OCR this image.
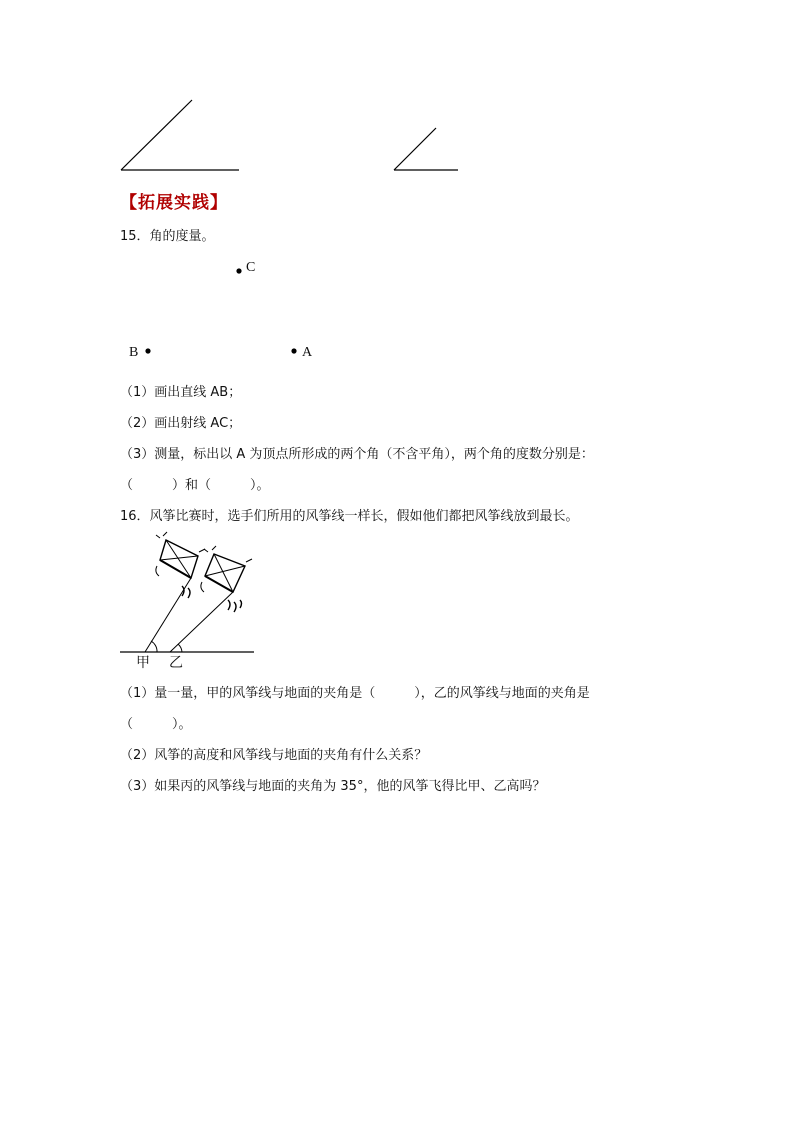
【拓展实践】
15．角的度量。
C
B	A
（1）画出直线 AB；
（2）画出射线 AC；
（3）测量，标出以 A 为顶点所形成的两个角（不含平角），两个角的度数分别是：
（　　　）和（　　　）。
16．风筝比赛时，选手们所用的风筝线一样长，假如他们都把风筝线放到最长。
甲 乙
（1）量一量，甲的风筝线与地面的夹角是（　　　），乙的风筝线与地面的夹角是
（　　　）。
（2）风筝的高度和风筝线与地面的夹角有什么关系？
（3）如果丙的风筝线与地面的夹角为 35°，他的风筝飞得比甲、乙高吗？
